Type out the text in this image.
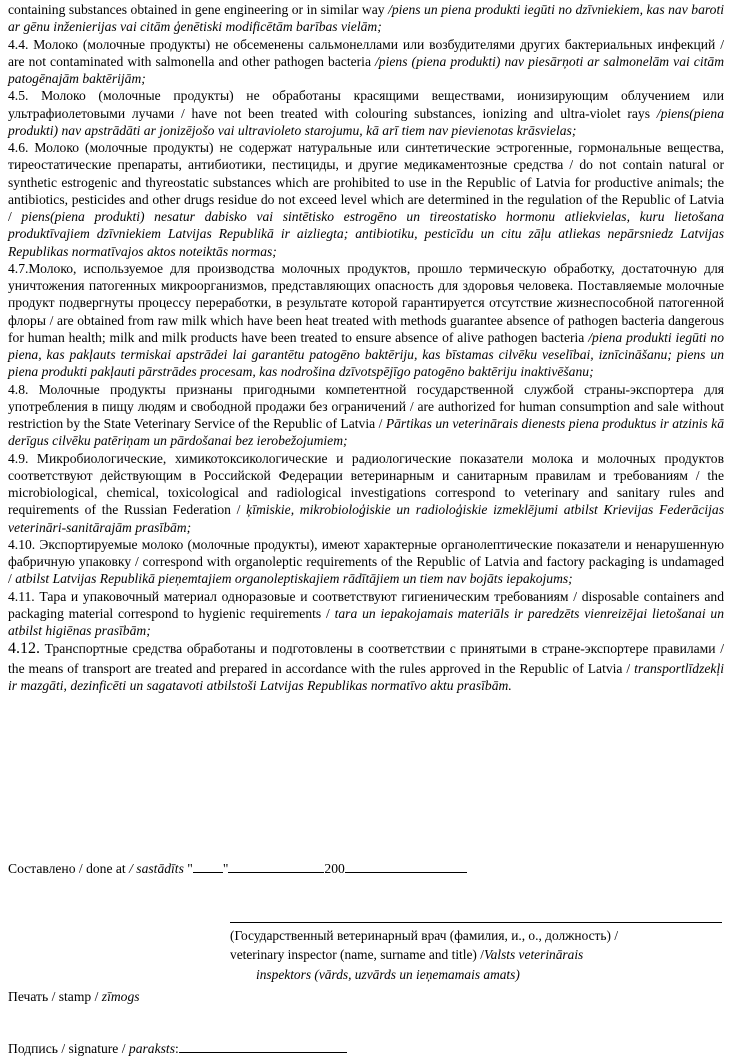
containing substances obtained in gene engineering or in similar way /piens un piena produkti iegūti no dzīvniekiem, kas nav baroti ar gēnu inženierijas vai citām ģenētiski modificētām barības vielām;

4.4. Молоко (молочные продукты) не обсеменены сальмонеллами или возбудителями других бактериальных инфекций / are not contaminated with salmonella and other pathogen bacteria /piens (piena produkti) nav piesārņoti ar salmonelām vai citām patogēnajām baktērijām;

4.5. Молоко (молочные продукты) не обработаны красящими веществами, ионизирующим облучением или ультрафиолетовыми лучами / have not been treated with colouring substances, ionizing and ultra-violet rays /piens(piena produkti) nav apstrādāti ar jonizējošo vai ultravioleto starojumu, kā arī tiem nav pievienotas krāsvielas;

4.6. Молоко (молочные продукты) не содержат натуральные или синтетические эстрогенные, гормональные вещества, тиреостатические препараты, антибиотики, пестициды, и другие медикаментозные средства / do not contain natural or synthetic estrogenic and thyreostatic substances which are prohibited to use in the Republic of Latvia for productive animals; the antibiotics, pesticides and other drugs residue do not exceed level which are determined in the regulation of the Republic of Latvia / piens(piena produkti) nesatur dabisko vai sintētisko estrogēno un tireostatisko hormonu atliekvielas, kuru lietošana produktīvajiem dzīvniekiem Latvijas Republikā ir aizliegta; antibiotiku, pesticīdu un citu zāļu atliekas nepārsniedz Latvijas Republikas normatīvajos aktos noteiktās normas;

4.7.Молоко, используемое для производства молочных продуктов, прошло термическую обработку, достаточную для уничтожения патогенных микроорганизмов, представляющих опасность для здоровья человека. Поставляемые молочные продукт подвергнуты процессу переработки, в результате которой гарантируется отсутствие жизнеспособной патогенной флоры / are obtained from raw milk which have been heat treated with methods guarantee absence of pathogen bacteria dangerous for human health; milk and milk products have been treated to ensure absence of alive pathogen bacteria /piena produkti iegūti no piena, kas pakļauts termiskai apstrādei lai garantētu patogēno baktēriju, kas bīstamas cilvēku veselībai, iznīcināšanu; piens un piena produkti pakļauti pārstrādes procesam, kas nodrošina dzīvotspējīgo patogēno baktēriju inaktivēšanu;

4.8. Молочные продукты признаны пригодными компетентной государственной службой страны-экспортера для употребления в пищу людям и свободной продажи без ограничений / are authorized for human consumption and sale without restriction by the State Veterinary Service of the Republic of Latvia / Pārtikas un veterinārais dienests piena produktus ir atzinis kā derīgus cilvēku patēriņam un pārdošanai bez ierobežojumiem;

4.9. Микробиологические, химикотоксикологические и радиологические показатели молока и молочных продуктов соответствуют действующим в Российской Федерации ветеринарным и санитарным правилам и требованиям / the microbiological, chemical, toxicological and radiological investigations correspond to veterinary and sanitary rules and requirements of the Russian Federation / ķīmiskie, mikrobioloģiskie un radioloģiskie izmeklējumi atbilst Krievijas Federācijas veterināri-sanitārajām prasībām;

4.10. Экспортируемые молоко (молочные продукты), имеют характерные органолептические показатели и ненарушенную фабричную упаковку / correspond with organoleptic requirements of the Republic of Latvia and factory packaging is undamaged / atbilst Latvijas Republikā pieņemtajiem organoleptiskajiem rādītājiem un tiem nav bojāts iepakojums;

4.11. Тара и упаковочный материал одноразовые и соответствуют гигиеническим требованиям / disposable containers and packaging material correspond to hygienic requirements / tara un iepakojamais materiāls ir paredzēts vienreizējai lietošanai un atbilst higiēnas prasībām;

4.12. Транспортные средства обработаны и подготовлены в соответствии с принятыми в стране-экспортере правилами / the means of transport are treated and prepared in accordance with the rules approved in the Republic of Latvia / transportlīdzekļi ir mazgāti, dezinficēti un sagatavoti atbilstoši Latvijas Republikas normatīvo aktu prasībām.

Составлено / done at / sastādīts " "	200
(Государственный ветеринарный врач (фамилия, и., о., должность) /
veterinary inspector (name, surname and title) /Valsts veterinārais
inspektors (vārds, uzvārds un ieņemamais amats)
Печать / stamp / zīmogs
Подпись / signature / paraksts:
